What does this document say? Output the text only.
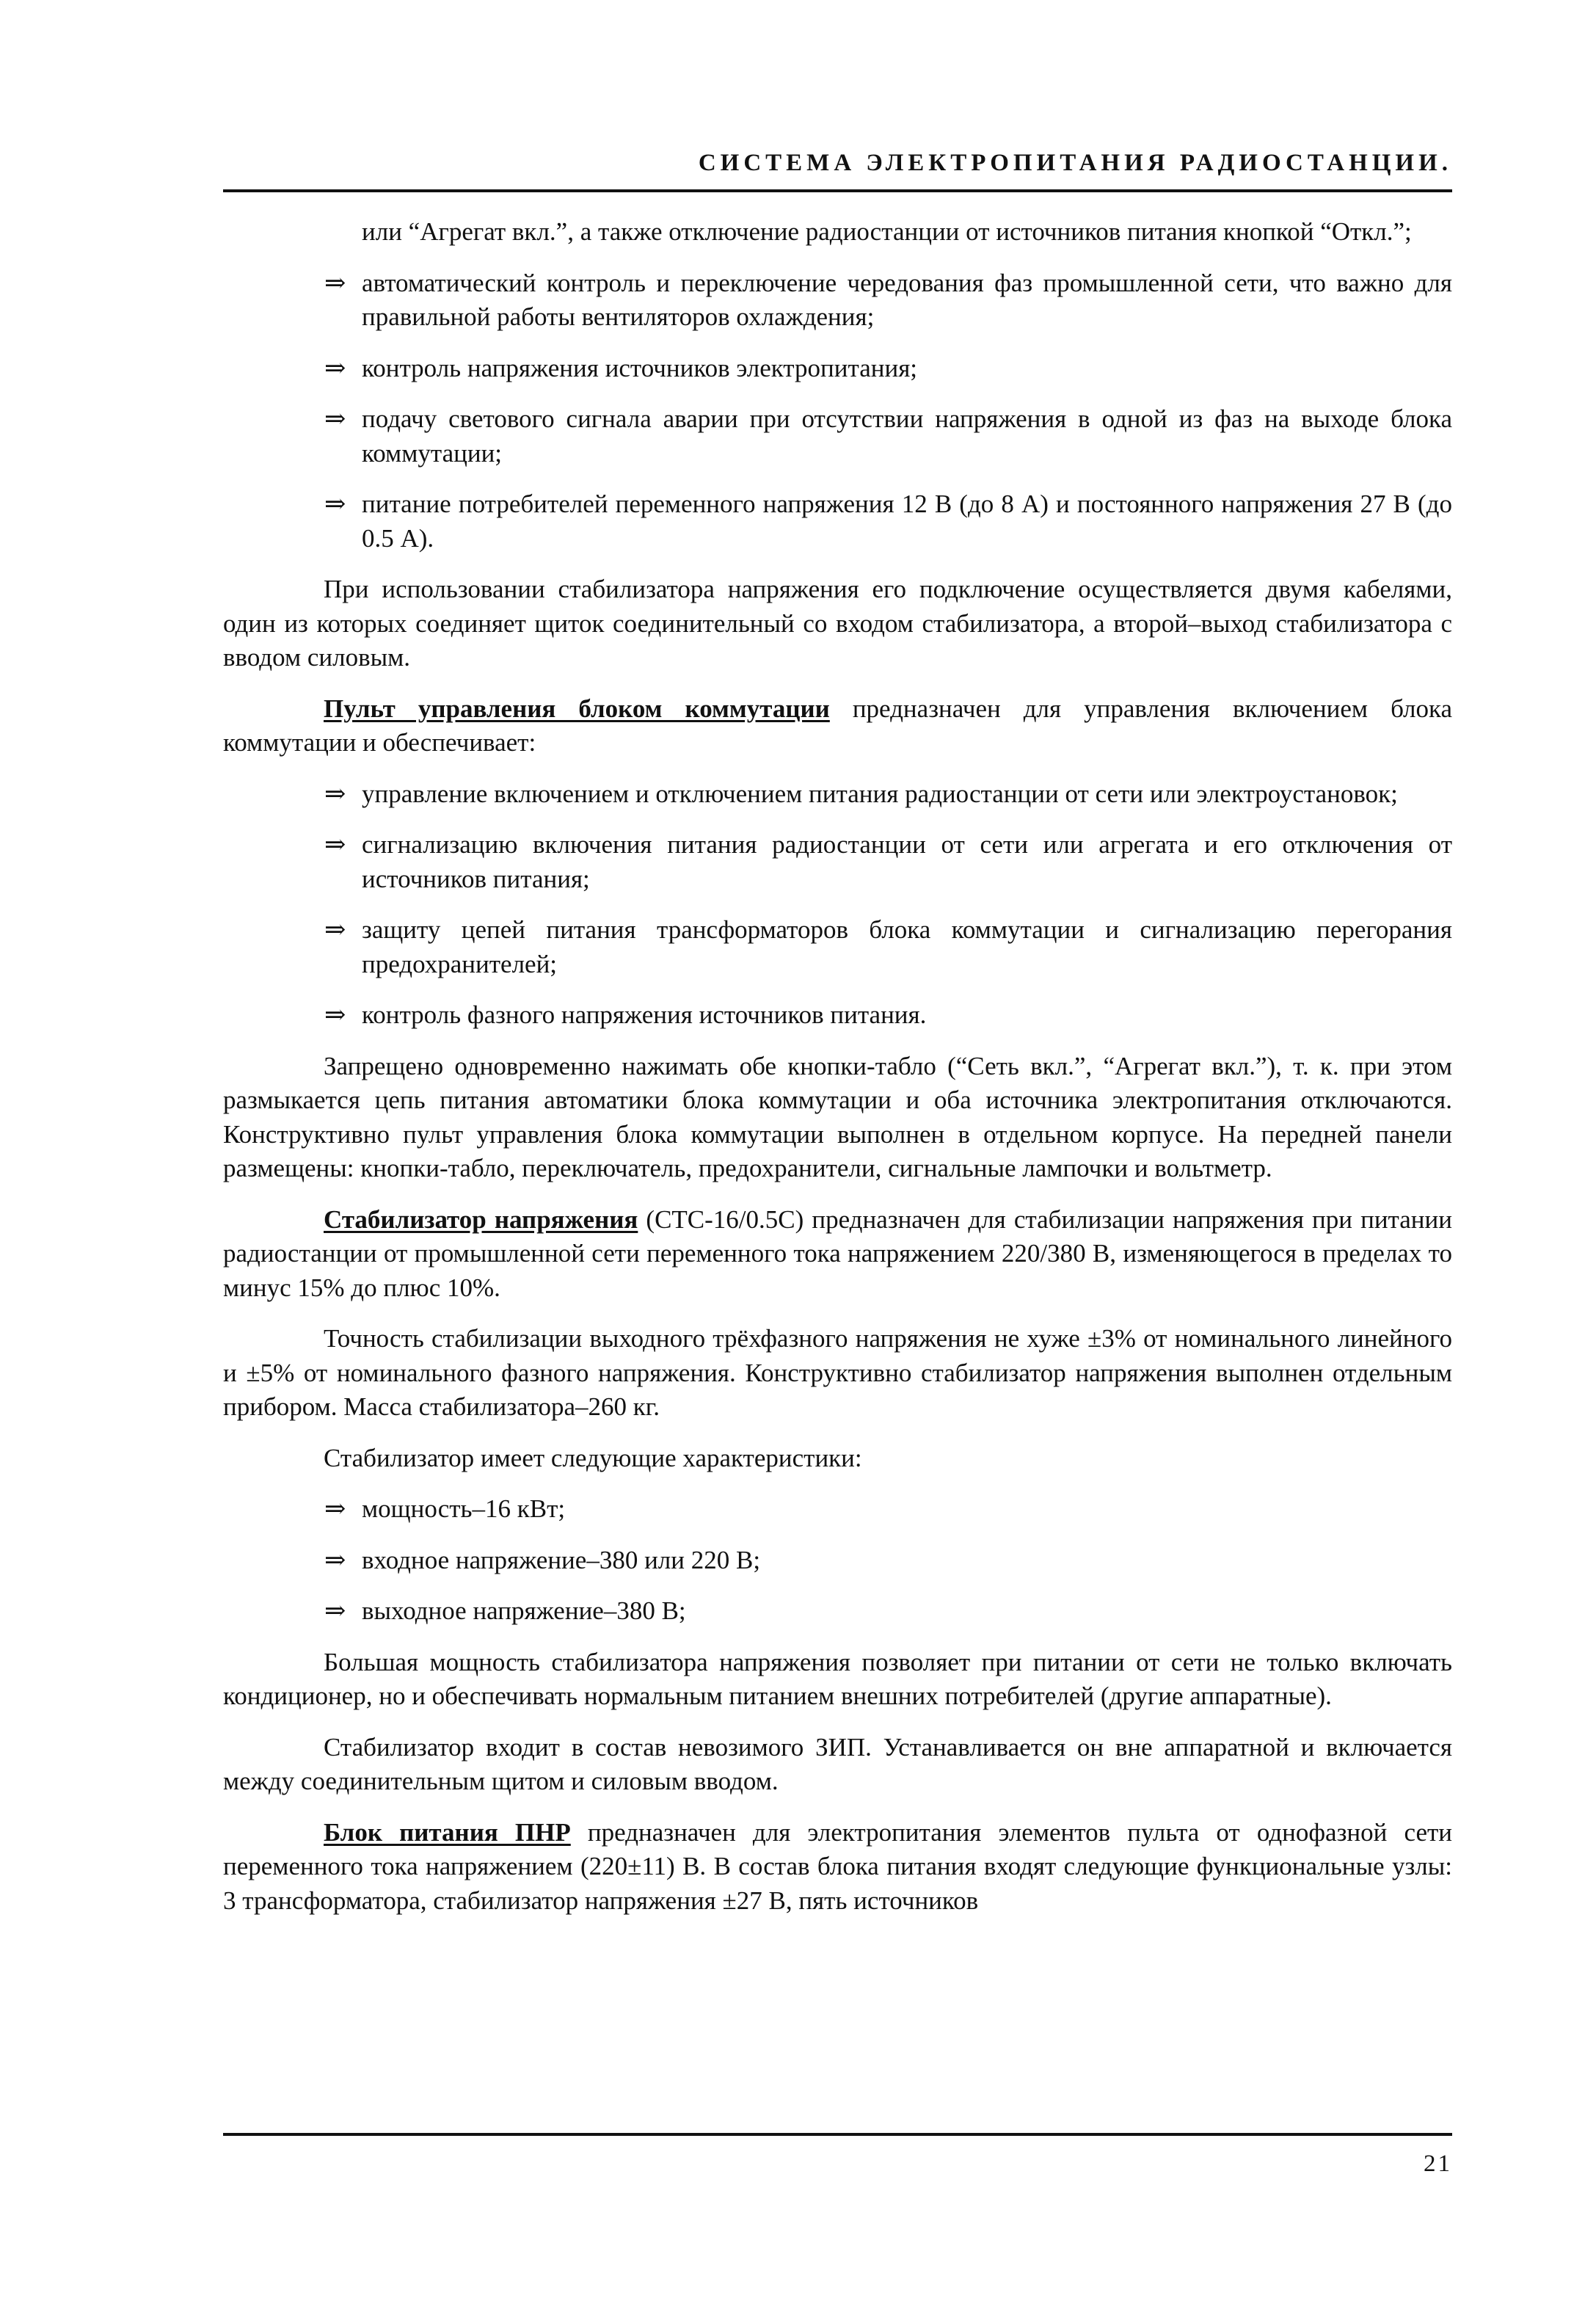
СИСТЕМА ЭЛЕКТРОПИТАНИЯ РАДИОСТАНЦИИ.

или “Агрегат вкл.”, а также отключение радиостанции от источников питания кнопкой “Откл.”;

⇒ автоматический контроль и переключение чередования фаз промышленной сети, что важно для правильной работы вентиляторов охлаждения;
⇒ контроль напряжения источников электропитания;
⇒ подачу светового сигнала аварии при отсутствии напряжения в одной из фаз на выходе блока коммутации;
⇒ питание потребителей переменного напряжения 12 В (до 8 А) и постоянного напряжения 27 В (до 0.5 А).

При использовании стабилизатора напряжения его подключение осуществляется двумя кабелями, один из которых соединяет щиток соединительный со входом стабилизатора, а второй–выход стабилизатора с вводом силовым.

Пульт управления блоком коммутации предназначен для управления включением блока коммутации и обеспечивает:

⇒ управление включением и отключением питания радиостанции от сети или электроустановок;
⇒ сигнализацию включения питания радиостанции от сети или агрегата и его отключения от источников питания;
⇒ защиту цепей питания трансформаторов блока коммутации и сигнализацию перегорания предохранителей;
⇒ контроль фазного напряжения источников питания.

Запрещено одновременно нажимать обе кнопки-табло (“Сеть вкл.”, “Агрегат вкл.”), т. к. при этом размыкается цепь питания автоматики блока коммутации и оба источника электропитания отключаются. Конструктивно пульт управления блока коммутации выполнен в отдельном корпусе. На передней панели размещены: кнопки-табло, переключатель, предохранители, сигнальные лампочки и вольтметр.

Стабилизатор напряжения (СТС-16/0.5С) предназначен для стабилизации напряжения при питании радиостанции от промышленной сети переменного тока напряжением 220/380 В, изменяющегося в пределах то минус 15% до плюс 10%.

Точность стабилизации выходного трёхфазного напряжения не хуже ±3% от номинального линейного и ±5% от номинального фазного напряжения. Конструктивно стабилизатор напряжения выполнен отдельным прибором. Масса стабилизатора–260 кг.

Стабилизатор имеет следующие характеристики:

⇒ мощность–16 кВт;
⇒ входное напряжение–380 или 220 В;
⇒ выходное напряжение–380 В;

Большая мощность стабилизатора напряжения позволяет при питании от сети не только включать кондиционер, но и обеспечивать нормальным питанием внешних потребителей (другие аппаратные).

Стабилизатор входит в состав невозимого ЗИП. Устанавливается он вне аппаратной и включается между соединительным щитом и силовым вводом.

Блок питания ПНР предназначен для электропитания элементов пульта от однофазной сети переменного тока напряжением (220±11) В. В состав блока питания входят следующие функциональные узлы: 3 трансформатора, стабилизатор напряжения ±27 В, пять источников

21
